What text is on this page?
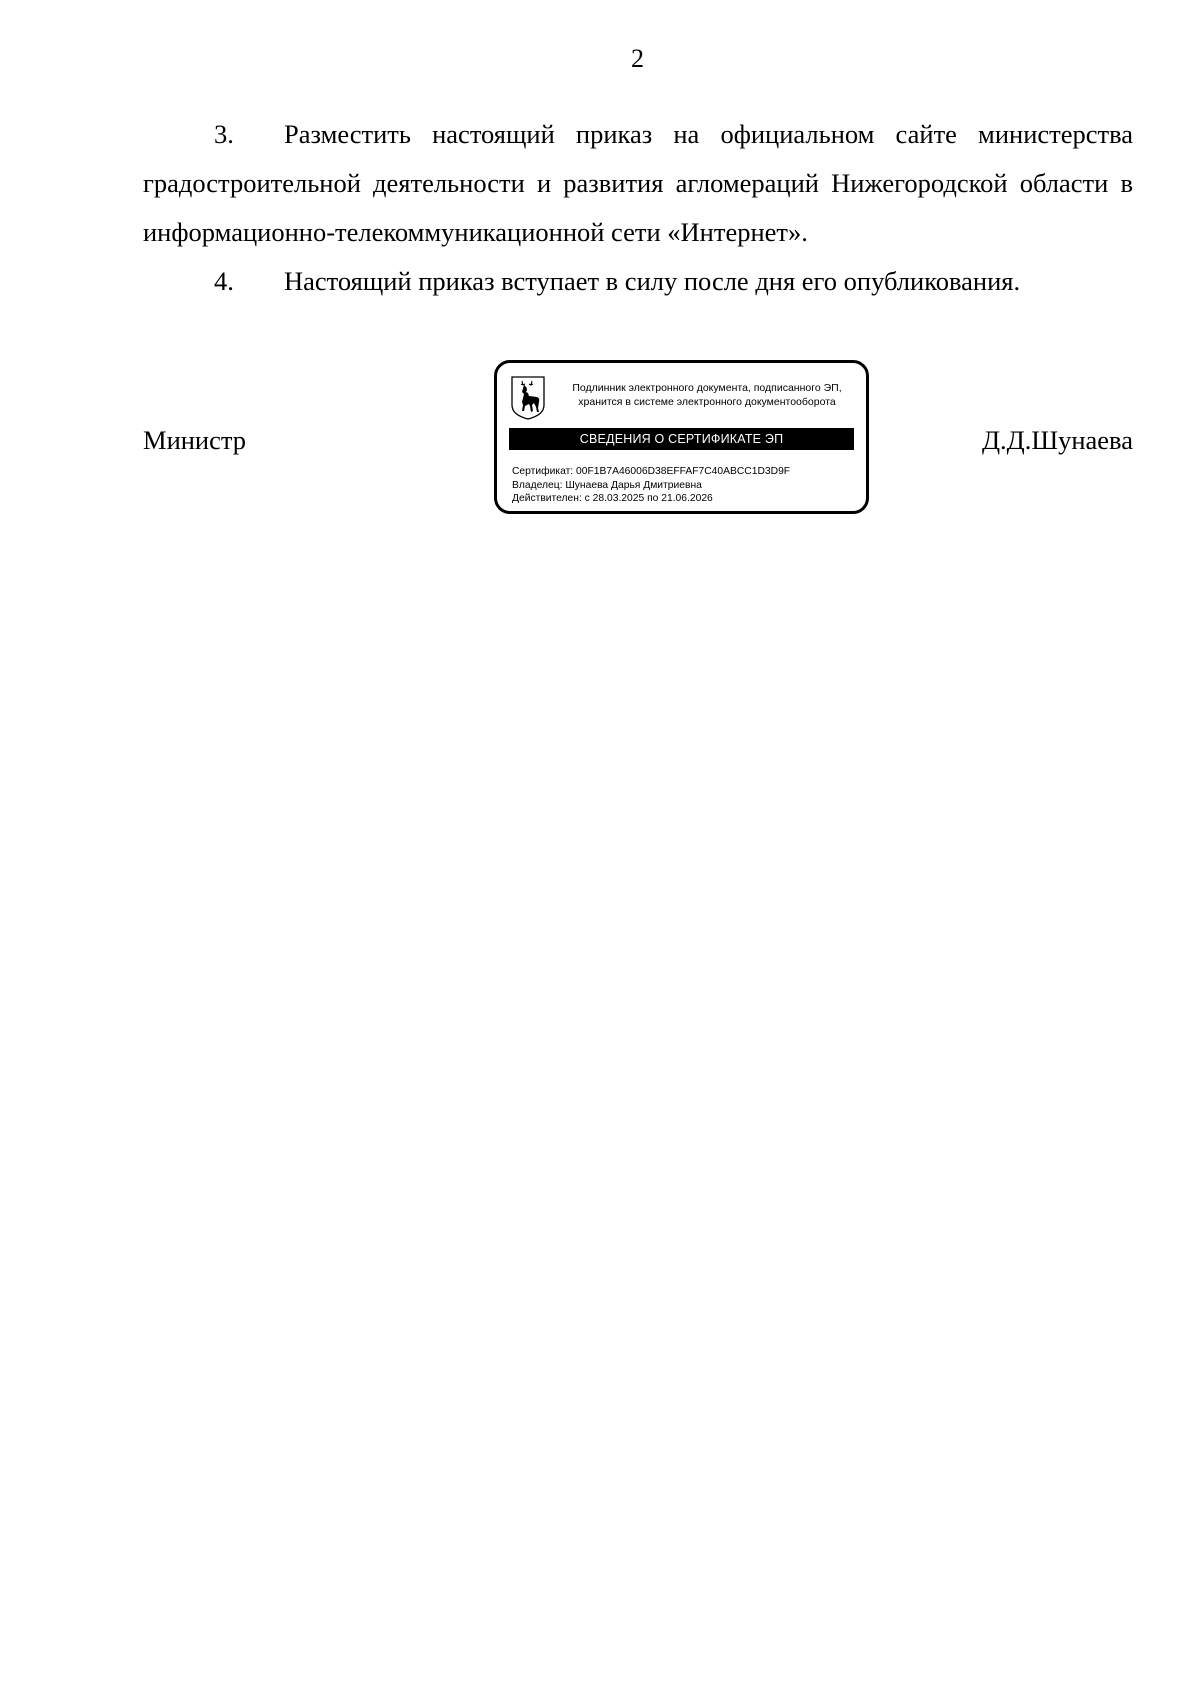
2

3. Разместить настоящий приказ на официальном сайте министерства градостроительной деятельности и развития агломераций Нижегородской области в информационно-телекоммуникационной сети «Интернет».

4. Настоящий приказ вступает в силу после дня его опубликования.

Министр
Подлинник электронного документа, подписанного ЭП,
хранится в системе электронного документооборота
СВЕДЕНИЯ О СЕРТИФИКАТЕ ЭП
Сертификат: 00F1B7A46006D38EFFAF7C40ABCC1D3D9F
Владелец: Шунаева Дарья Дмитриевна
Действителен: с 28.03.2025 по 21.06.2026
Д.Д.Шунаева
